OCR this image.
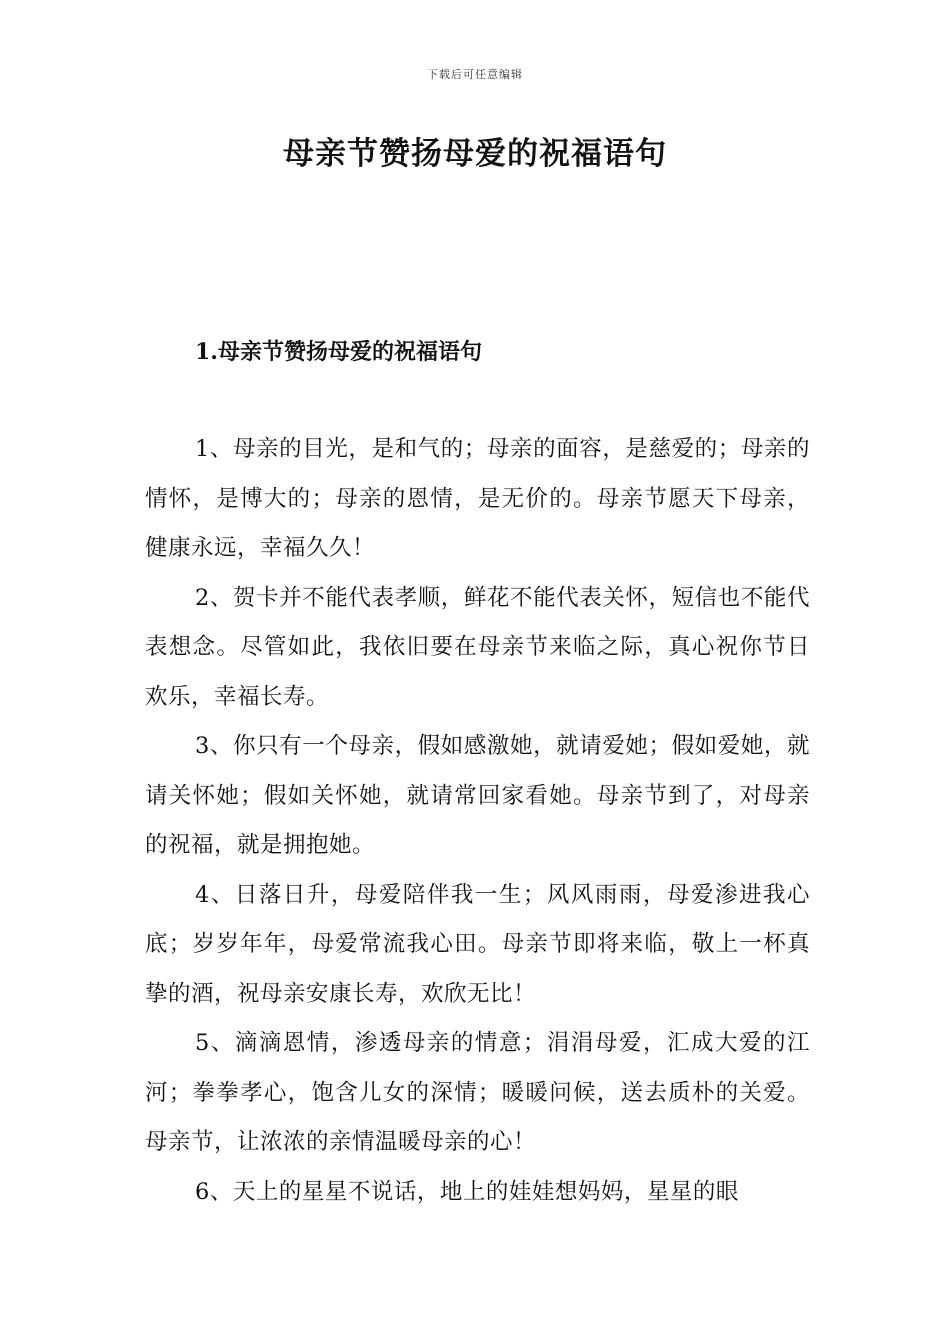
下载后可任意编辑
母亲节赞扬母爱的祝福语句
1.母亲节赞扬母爱的祝福语句

1、母亲的目光，是和气的；母亲的面容，是慈爱的；母亲的情怀，是博大的；母亲的恩情，是无价的。母亲节愿天下母亲，健康永远，幸福久久！

2、贺卡并不能代表孝顺，鲜花不能代表关怀，短信也不能代表想念。尽管如此，我依旧要在母亲节来临之际，真心祝你节日欢乐，幸福长寿。

3、你只有一个母亲，假如感激她，就请爱她；假如爱她，就请关怀她；假如关怀她，就请常回家看她。母亲节到了，对母亲的祝福，就是拥抱她。

4、日落日升，母爱陪伴我一生；风风雨雨，母爱渗进我心底；岁岁年年，母爱常流我心田。母亲节即将来临，敬上一杯真挚的酒，祝母亲安康长寿，欢欣无比！

5、滴滴恩情，渗透母亲的情意；涓涓母爱，汇成大爱的江河；拳拳孝心，饱含儿女的深情；暖暖问候，送去质朴的关爱。母亲节，让浓浓的亲情温暖母亲的心！

6、天上的星星不说话，地上的娃娃想妈妈，星星的眼
